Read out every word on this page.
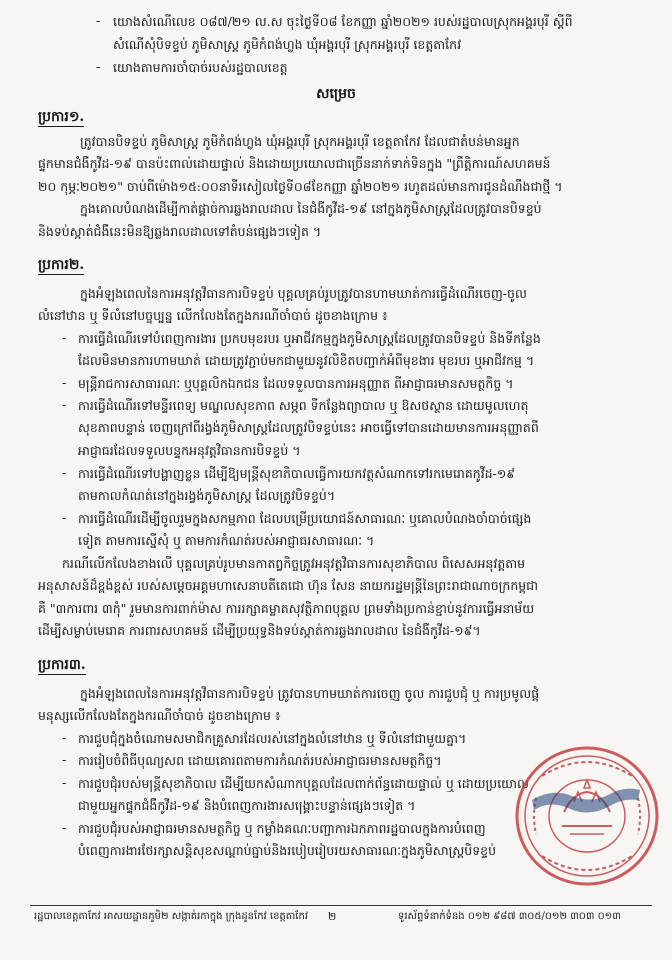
- យោងសំណើលេខ ០៨៧/២១ ល.ស ចុះថ្ងៃទី០៨ ខែកញ្ញា ឆ្នាំ២០២១ របស់រដ្ឋបាលស្រុកអង្គរបុរី ស្តីពី
សំណើសុំបិទខ្ទប់ ភូមិសាស្ត្រ ភូមិកំពង់ហ្លួង ឃុំអង្គរបុរី ស្រុកអង្គរបុរី ខេត្តតាកែវ
- យោងតាមការចាំបាច់របស់រដ្ឋបាលខេត្ត
សម្រេច
ប្រការ១.
ត្រូវបានបិទខ្ទប់ ភូមិសាស្ត្រ ភូមិកំពង់ហ្លួង ឃុំអង្គរបុរី ស្រុកអង្គរបុរី ខេត្តតាកែវ ដែលជាតំបន់មានអ្នក
ផ្ទុកមានជំងឺកូវីដ-១៩ បានប៉ះពាល់ដោយផ្ទាល់ និងដោយប្រយោលជាច្រើននាក់ទាក់ទិនក្នុង "ព្រឹត្តិការណ៍សហគមន៍
២០ កុម្ភៈ២០២១" ចាប់ពីម៉ោង១៥:០០នាទីរសៀលថ្ងៃទី០៨ខែកញ្ញា ឆ្នាំ២០២១ រហូតដល់មានការជូនដំណឹងជាថ្មី ។
ក្នុងគោលបំណងដើម្បីកាត់ផ្តាច់ការឆ្លងរាលដាល នៃជំងឺកូវីដ-១៩ នៅក្នុងភូមិសាស្ត្រដែលត្រូវបានបិទខ្ទប់
និងទប់ស្កាត់ជំងឺនេះមិនឱ្យឆ្លងរាលដាលទៅតំបន់ផ្សេងៗទៀត ។
ប្រការ២.
ក្នុងអំឡុងពេលនៃការអនុវត្តវិធានការបិទខ្ទប់ បុគ្គលគ្រប់រូបត្រូវបានហាមឃាត់ការធ្វើដំណើរចេញ-ចូល
លំនៅឋាន ឬ ទីលំនៅបច្ចុប្បន្ន លើកលែងតែក្នុងករណីចាំបាច់ ដូចខាងក្រោម ៖
- ការធ្វើដំណើរទៅបំពេញការងារ ប្រកបមុខរបរ ឬអាជីវកម្មក្នុងភូមិសាស្ត្រដែលត្រូវបានបិទខ្ទប់ និងទីកន្លែង
ដែលមិនមានការហាមឃាត់ ដោយត្រូវភ្ជាប់មកជាមួយនូវលិខិតបញ្ជាក់អំពីមុខងារ មុខរបរ ឬអាជីវកម្ម ។
- មន្ត្រីរាជការសាធារណៈ ឬបុគ្គលិកឯកជន ដែលទទួលបានការអនុញ្ញាត ពីអាជ្ញាធរមានសមត្ថកិច្ច ។
- ការធ្វើដំណើរទៅមន្ទីរពេទ្យ មណ្ឌលសុខភាព សម្ភព ទីកន្លែងព្យាបាល ឬ ឱសថស្ថាន ដោយមូលហេតុ
សុខភាពបន្ទាន់ ចេញក្រៅពីរង្វង់ភូមិសាស្ត្រដែលត្រូវបិទខ្ទប់នេះ អាចធ្វើទៅបានដោយមានការអនុញ្ញាតពី
អាជ្ញាធរដែលទទួលបន្ទុកអនុវត្តវិធានការបិទខ្ទប់ ។
- ការធ្វើដំណើរទៅបង្ហាញខ្លួន ដើម្បីឱ្យមន្ត្រីសុខាភិបាលធ្វើការយកវត្ថុសំណាកទៅរកមេរោគកូវីដ-១៩
តាមកាលកំណត់នៅក្នុងរង្វង់ភូមិសាស្ត្រ ដែលត្រូវបិទខ្ទប់។
- ការធ្វើដំណើរដើម្បីចូលរួមក្នុងសកម្មភាព ដែលបម្រើប្រយោជន៍សាធារណៈ ឬគោលបំណងចាំបាច់ផ្សេង
ទៀត តាមការស្នើសុំ ឬ តាមការកំណត់របស់អាជ្ញាធរសាធារណៈ ។
ករណីលើកលែងខាងលើ បុគ្គលគ្រប់រូបមានកាតព្វកិច្ចត្រូវអនុវត្តវិធានការសុខាភិបាល ពិសេសអនុវត្តតាម
អនុសាសន៍ដ៏ខ្ពង់ខ្ពស់ របស់សម្តេចអគ្គមហាសេនាបតីតេជោ ហ៊ុន សែន នាយករដ្ឋមន្ត្រីនៃព្រះរាជាណាចក្រកម្ពុជា
គឺ "៣ការពារ ៣កុំ" រួមមានការពាក់ម៉ាស ការរក្សាគម្លាតសុវត្ថិភាពបុគ្គល ព្រមទាំងប្រកាន់ខ្ជាប់នូវការធ្វើអនាម័យ
ដើម្បីសម្លាប់មេរោគ ការពារសហគមន៍ ដើម្បីប្រយុទ្ធនិងទប់ស្កាត់ការឆ្លងរាលដាល នៃជំងឺកូវីដ-១៩។
ប្រការ៣.
ក្នុងអំឡុងពេលនៃការអនុវត្តវិធានការបិទខ្ទប់ ត្រូវបានហាមឃាត់ការចេញ ចូល ការជួបជុំ ឬ ការប្រមូលផ្តុំ
មនុស្សលើកលែងតែក្នុងករណីចាំបាច់ ដូចខាងក្រោម ៖
- ការជួបជុំក្នុងចំណោមសមាជិកគ្រួសារដែលរស់នៅក្នុងលំនៅឋាន ឬ ទីលំនៅជាមួយគ្នា។
- ការរៀបចំពិធីបុណ្យសព ដោយគោរពតាមការកំណត់របស់អាជ្ញាធរមានសមត្ថកិច្ច។
- ការជួបជុំរបស់មន្ត្រីសុខាភិបាល ដើម្បីយកសំណាកបុគ្គលដែលពាក់ព័ន្ធដោយផ្ទាល់ ឬ ដោយប្រយោល
ជាមួយអ្នកផ្ទុកជំងឺកូវីដ-១៩ និងបំពេញការងារសង្គ្រោះបន្ទាន់ផ្សេងៗទៀត ។
- ការជួបជុំរបស់អាជ្ញាធរមានសមត្ថកិច្ច ឬ កម្លាំងគណៈបញ្ជាការឯកភាពរដ្ឋបាលក្នុងការបំពេញ
បំពេញការងារថែរក្សាសន្តិសុខសណ្តាប់ធ្នាប់និងរបៀបរៀបរយសាធារណៈក្នុងភូមិសាស្ត្របិទខ្ទប់
រដ្ឋបាលខេត្តតាកែវ អាសយដ្ឋានភូមិ២ សង្កាត់រកាក្នុង ក្រុងដូនកែវ ខេត្តតាកែវ ២	ទូរស័ព្ទទំនាក់ទំនង ០១២ ៩៨៧ ៣០៥/០១២ ៣០៣ ០១៣
